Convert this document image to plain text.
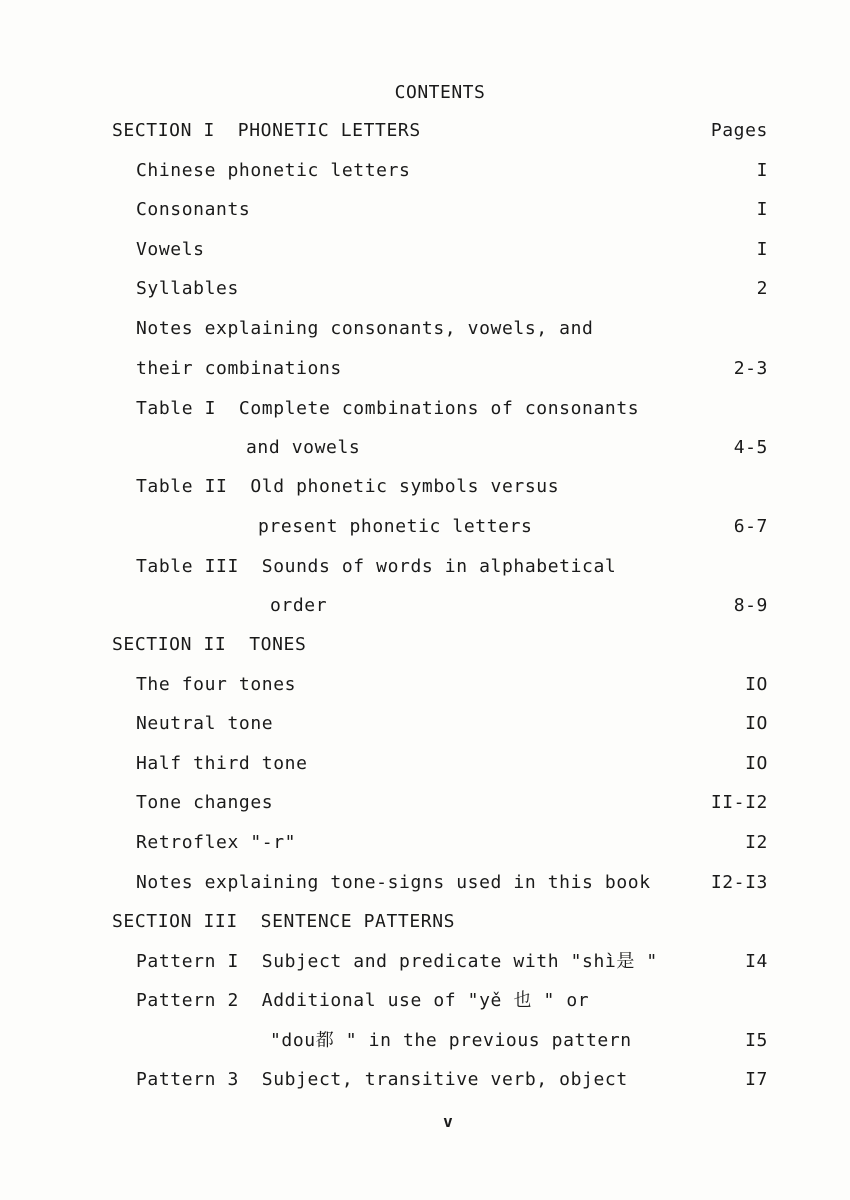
CONTENTS
SECTION I  PHONETIC LETTERS	Pages
Chinese phonetic letters	I
Consonants	I
Vowels	I
Syllables	2
Notes explaining consonants, vowels, and
their combinations	2-3
Table I  Complete combinations of consonants
and vowels	4-5
Table II  Old phonetic symbols versus
present phonetic letters	6-7
Table III  Sounds of words in alphabetical
order	8-9
SECTION II  TONES
The four tones	IO
Neutral tone	IO
Half third tone	IO
Tone changes	II-I2
Retroflex "-r"	I2
Notes explaining tone-signs used in this book	I2-I3
SECTION III  SENTENCE PATTERNS
Pattern I  Subject and predicate with "shì是 "	I4
Pattern 2  Additional use of "yě 也 " or
"dou都 " in the previous pattern	I5
Pattern 3  Subject, transitive verb, object	I7
v
